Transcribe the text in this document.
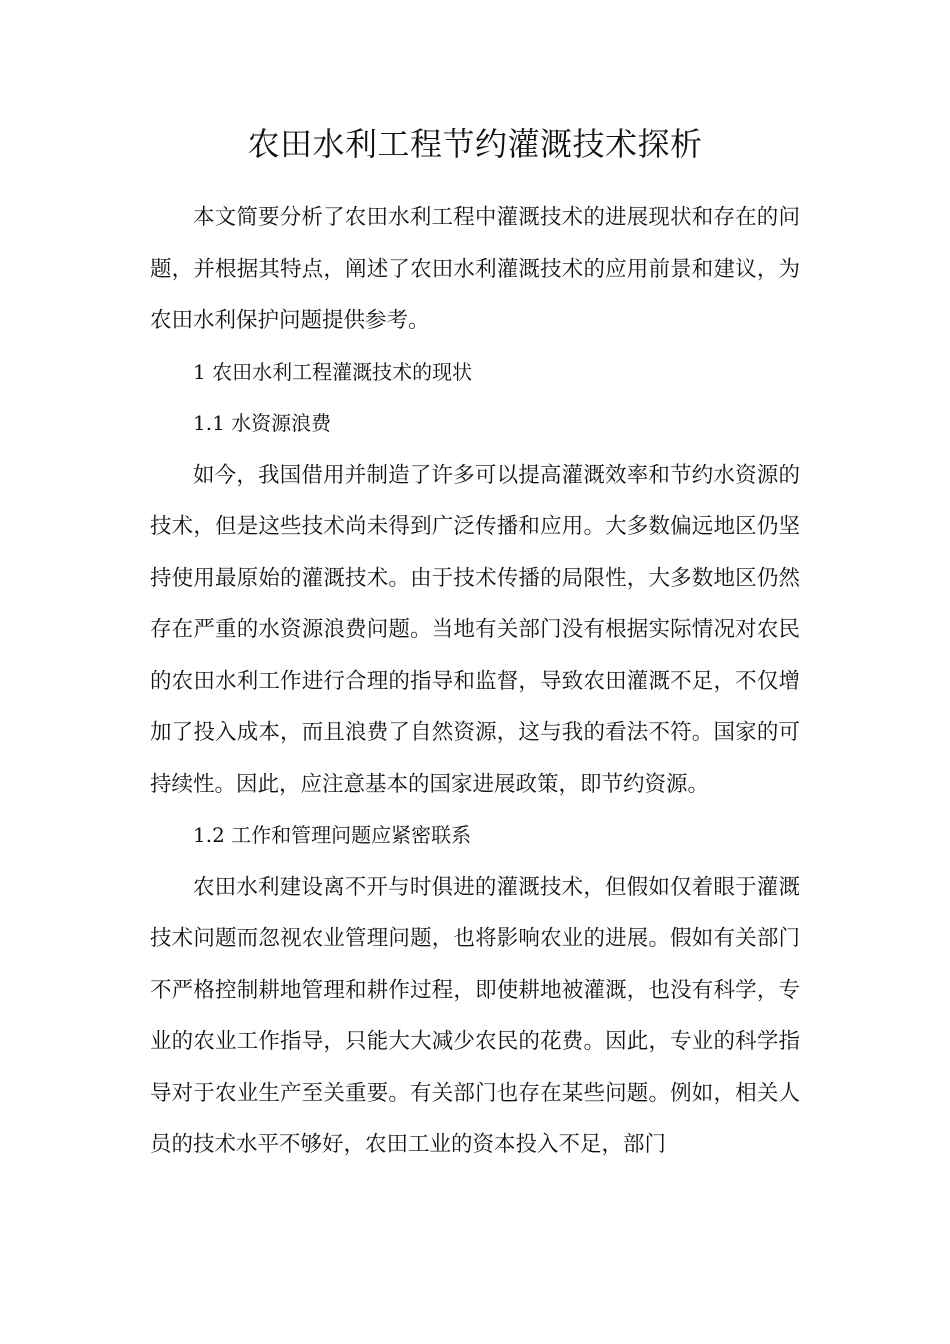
农田水利工程节约灌溉技术探析

本文简要分析了农田水利工程中灌溉技术的进展现状和存在的问题，并根据其特点，阐述了农田水利灌溉技术的应用前景和建议，为农田水利保护问题提供参考。

1 农田水利工程灌溉技术的现状

1.1 水资源浪费

如今，我国借用并制造了许多可以提高灌溉效率和节约水资源的技术，但是这些技术尚未得到广泛传播和应用。大多数偏远地区仍坚持使用最原始的灌溉技术。由于技术传播的局限性，大多数地区仍然存在严重的水资源浪费问题。当地有关部门没有根据实际情况对农民的农田水利工作进行合理的指导和监督，导致农田灌溉不足，不仅增加了投入成本，而且浪费了自然资源，这与我的看法不符。国家的可持续性。因此，应注意基本的国家进展政策，即节约资源。

1.2 工作和管理问题应紧密联系

农田水利建设离不开与时俱进的灌溉技术，但假如仅着眼于灌溉技术问题而忽视农业管理问题，也将影响农业的进展。假如有关部门不严格控制耕地管理和耕作过程，即使耕地被灌溉，也没有科学，专业的农业工作指导，只能大大减少农民的花费。因此，专业的科学指导对于农业生产至关重要。有关部门也存在某些问题。例如，相关人员的技术水平不够好，农田工业的资本投入不足，部门
